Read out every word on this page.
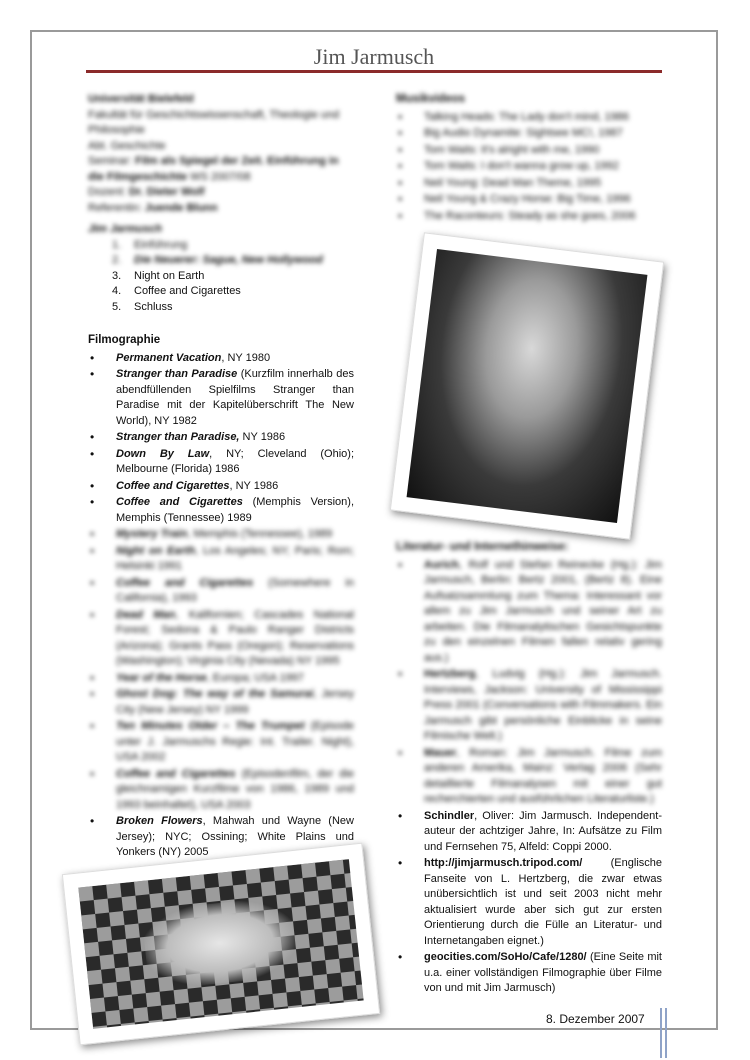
Jim Jarmusch
Universität Bielefeld
Fakultät für Geschichtswissenschaft, Theologie und Philosophie
Abt. Geschichte
Seminar: Film als Spiegel der Zeit. Einführung in die Filmgeschichte WS 2007/08
Dozent: Dr. Dieter Wolf
Referentin: Juende Blunn
Jim Jarmusch
1. Einführung
2. Die Neuerer: Sague, New Hollywood
3. Night on Earth
4. Coffee and Cigarettes
5. Schluss
Filmographie
• Permanent Vacation, NY 1980
• Stranger than Paradise (Kurzfilm innerhalb des abendfüllenden Spielfilms Stranger than Paradise mit der Kapitelüberschrift The New World), NY 1982
• Stranger than Paradise, NY 1986
• Down By Law, NY; Cleveland (Ohio); Melbourne (Florida) 1986
• Coffee and Cigarettes, NY 1986
• Coffee and Cigarettes (Memphis Version), Memphis (Tennessee) 1989
• Mystery Train, Memphis (Tennessee), 1989
• Night on Earth, Los Angeles; NY; Paris; Rom; Helsinki 1991
• Coffee and Cigarettes (Somewhere in California), 1993
• Dead Man, Kalifornien; Cascades National Forest; Sedona & Paulo Ranger Districts (Arizona); Grants Pass (Oregon); Reservations (Washington); Virginia City (Nevada) NY 1995
• Year of the Horse, Europa; USA 1997
• Ghost Dog: The way of the Samurai, Jersey City (New Jersey) NY 1999
• Ten Minutes Older – The Trumpet (Episode unter J. Jarmuschs Regie: Int. Trailer. Night), USA 2002
• Coffee and Cigarettes (Episodenfilm, der die gleichnamigen Kurzfilme von 1986, 1989 und 1993 beinhaltet), USA 2003
• Broken Flowers, Mahwah und Wayne (New Jersey); NYC; Ossining; White Plains und Yonkers (NY) 2005
Musikvideos
• Talking Heads: The Lady don't mind, 1986
• Big Audio Dynamite: Sightsee MC!, 1987
• Tom Waits: It's alright with me, 1990
• Tom Waits: I don't wanna grow up, 1992
• Neil Young: Dead Man Theme, 1995
• Neil Young & Crazy Horse: Big Time, 1996
• The Raconteurs: Steady as she goes, 2006
Literatur- und Internethinweise:
• Aurich, Rolf und Stefan Reinecke (Hg.): Jim Jarmusch, Berlin: Bertz 2001, (Bertz 8). Eine Aufsatzsammlung zum Thema: Interessant vor allem zu Jim Jarmusch und seiner Art zu arbeiten. Die Filmanalytischen Gesichtspunkte zu den einzelnen Filmen fallen relativ gering aus.)
• Hertzberg, Ludvig (Hg.): Jim Jarmusch. Interviews, Jackson: University of Mississippi Press 2001 (Conversations with Filmmakers. Ein Jarmusch gibt persönliche Einblicke in seine Filmische Welt.)
• Mauer, Roman: Jim Jarmusch. Filme zum anderen Amerika, Mainz: Verlag 2006 (Sehr detaillierte Filmanalysen mit einer gut recherchierten und ausführlichen Literaturliste.)
• Schindler, Oliver: Jim Jarmusch. Independent-auteur der achtziger Jahre, In: Aufsätze zu Film und Fernsehen 75, Alfeld: Coppi 2000.
• http://jimjarmusch.tripod.com/ (Englische Fanseite von L. Hertzberg, die zwar etwas unübersichtlich ist und seit 2003 nicht mehr aktualisiert wurde aber sich gut zur ersten Orientierung durch die Fülle an Literatur- und Internetangaben eignet.)
• geocities.com/SoHo/Cafe/1280/ (Eine Seite mit u.a. einer vollständigen Filmographie über Filme von und mit Jim Jarmusch)
8. Dezember 2007
